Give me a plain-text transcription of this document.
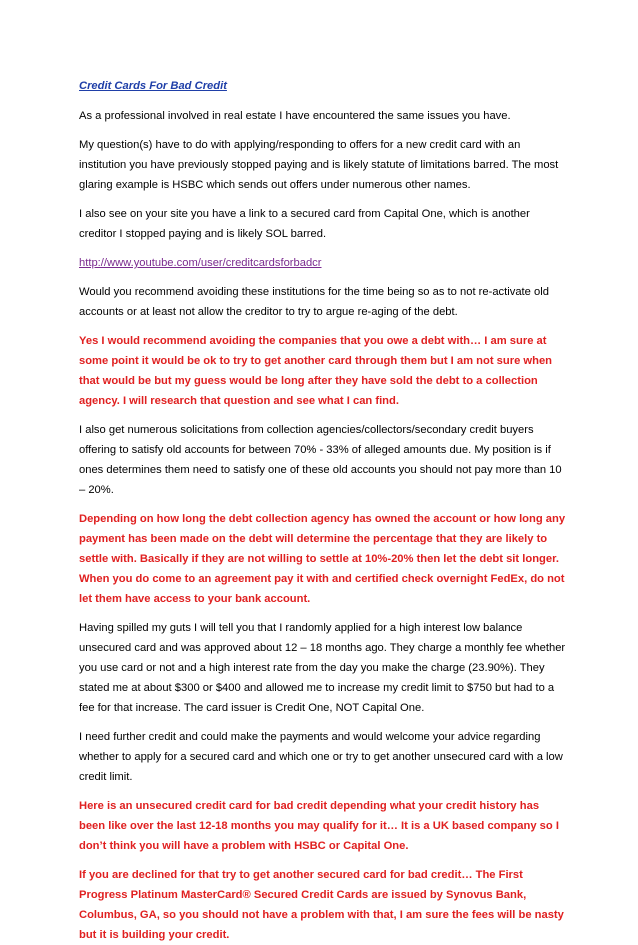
Credit Cards For Bad Credit

As a professional involved in real estate I have encountered the same issues you have.

My question(s) have to do with applying/responding to offers for a new credit card with an institution you have previously stopped paying and is likely statute of limitations barred. The most glaring example is HSBC which sends out offers under numerous other names.

I also see on your site you have a link to a secured card from Capital One, which is another creditor I stopped paying and is likely SOL barred.

http://www.youtube.com/user/creditcardsforbadcr

Would you recommend avoiding these institutions for the time being so as to not re-activate old accounts or at least not allow the creditor to try to argue re-aging of the debt.

Yes I would recommend avoiding the companies that you owe a debt with… I am sure at some point it would be ok to try to get another card through them but I am not sure when that would be but my guess would be long after they have sold the debt to a collection agency. I will research that question and see what I can find.

I also get numerous solicitations from collection agencies/collectors/secondary credit buyers offering to satisfy old accounts for between 70% - 33% of alleged amounts due. My position is if ones determines them need to satisfy one of these old accounts you should not pay more than 10 – 20%.

Depending on how long the debt collection agency has owned the account or how long any payment has been made on the debt will determine the percentage that they are likely to settle with. Basically if they are not willing to settle at 10%-20% then let the debt sit longer. When you do come to an agreement pay it with and certified check overnight FedEx, do not let them have access to your bank account.

Having spilled my guts I will tell you that I randomly applied for a high interest low balance unsecured card and was approved about 12 – 18 months ago. They charge a monthly fee whether you use card or not and a high interest rate from the day you make the charge (23.90%). They stated me at about $300 or $400 and allowed me to increase my credit limit to $750 but had to a fee for that increase. The card issuer is Credit One, NOT Capital One.

I need further credit and could make the payments and would welcome your advice regarding whether to apply for a secured card and which one or try to get another unsecured card with a low credit limit.

Here is an unsecured credit card for bad credit depending what your credit history has been like over the last 12-18 months you may qualify for it… It is a UK based company so I don’t think you will have a problem with HSBC or Capital One.

If you are declined for that try to get another secured card for bad credit… The First Progress Platinum MasterCard® Secured Credit Cards are issued by Synovus Bank, Columbus, GA, so you should not have a problem with that, I am sure the fees will be nasty but it is building your credit.
